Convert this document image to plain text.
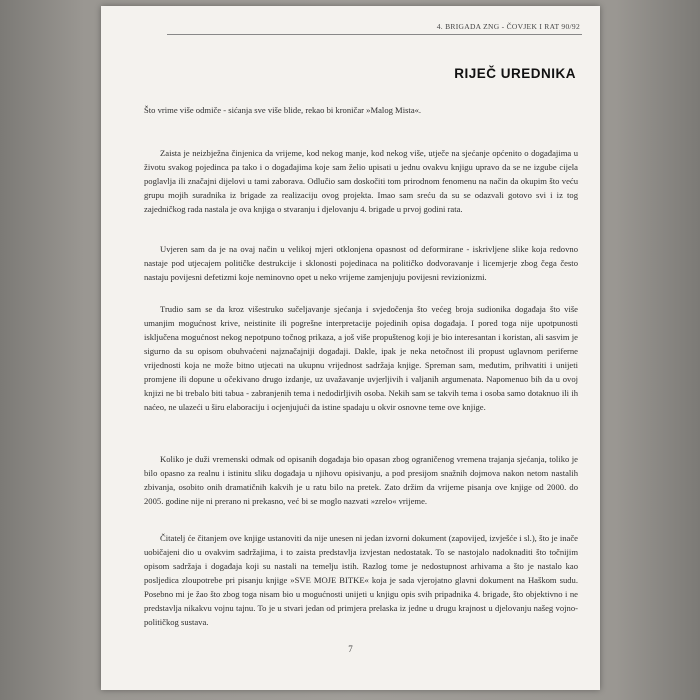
4. BRIGADA ZNG - ČOVJEK I RAT 90/92
RIJEČ UREDNIKA

Što vrime više odmiče - sićanja sve više blide, rekao bi kroničar »Malog Mista«.

Zaista je neizbježna činjenica da vrijeme, kod nekog manje, kod nekog više, utječe na sjećanje općenito o događajima u životu svakog pojedinca pa tako i o događajima koje sam želio upisati u jednu ovakvu knjigu upravo da se ne izgube cijela poglavlja ili značajni dijelovi u tami zaborava. Odlučio sam doskočiti tom prirodnom fenomenu na način da okupim što veću grupu mojih suradnika iz brigade za realizaciju ovog projekta. Imao sam sreću da su se odazvali gotovo svi i iz tog zajedničkog rada nastala je ova knjiga o stvaranju i djelovanju 4. brigade u prvoj godini rata.

Uvjeren sam da je na ovaj način u velikoj mjeri otklonjena opasnost od deformirane - iskrivljene slike koja redovno nastaje pod utjecajem političke destrukcije i sklonosti pojedinaca na političko dodvoravanje i licemjerje zbog čega često nastaju povijesni defetizmi koje neminovno opet u neko vrijeme zamjenjuju povijesni revizionizmi.

Trudio sam se da kroz višestruko sučeljavanje sjećanja i svjedočenja što većeg broja sudionika događaja što više umanjim mogućnost krive, neistinite ili pogrešne interpretacije pojedinih opisa događaja. I pored toga nije upotpunosti isključena mogućnost nekog nepotpuno točnog prikaza, a još više propuštenog koji je bio interesantan i koristan, ali sasvim je sigurno da su opisom obuhvaćeni najznačajniji događaji. Dakle, ipak je neka netočnost ili propust uglavnom periferne vrijednosti koja ne može bitno utjecati na ukupnu vrijednost sadržaja knjige. Spreman sam, međutim, prihvatiti i unijeti promjene ili dopune u očekivano drugo izdanje, uz uvažavanje uvjerljivih i valjanih argumenata. Napomenuo bih da u ovoj knjizi ne bi trebalo biti tabua - zabranjenih tema i nedodirljivih osoba. Nekih sam se takvih tema i osoba samo dotaknuo ili ih naćeo, ne ulazeći u širu elaboraciju i ocjenjujući da istine spadaju u okvir osnovne teme ove knjige.

Koliko je duži vremenski odmak od opisanih događaja bio opasan zbog ograničenog vremena trajanja sjećanja, toliko je bilo opasno za realnu i istinitu sliku događaja u njihovu opisivanju, a pod presijom snažnih dojmova nakon netom nastalih zbivanja, osobito onih dramatičnih kakvih je u ratu bilo na pretek. Zato držim da vrijeme pisanja ove knjige od 2000. do 2005. godine nije ni prerano ni prekasno, već bi se moglo nazvati »zrelo« vrijeme.

Čitatelj će čitanjem ove knjige ustanoviti da nije unesen ni jedan izvorni dokument (zapovijed, izvješće i sl.), što je inače uobičajeni dio u ovakvim sadržajima, i to zaista predstavlja izvjestan nedostatak. To se nastojalo nadoknaditi što točnijim opisom sadržaja i događaja koji su nastali na temelju istih. Razlog tome je nedostupnost arhivama a što je nastalo kao posljedica zloupotrebe pri pisanju knjige »SVE MOJE BITKE« koja je sada vjerojatno glavni dokument na Haškom sudu. Posebno mi je žao što zbog toga nisam bio u mogućnosti unijeti u knjigu opis svih pripadnika 4. brigade, što objektivno i ne predstavlja nikakvu vojnu tajnu. To je u stvari jedan od primjera prelaska iz jedne u drugu krajnost u djelovanju našeg vojno-političkog sustava.

7
